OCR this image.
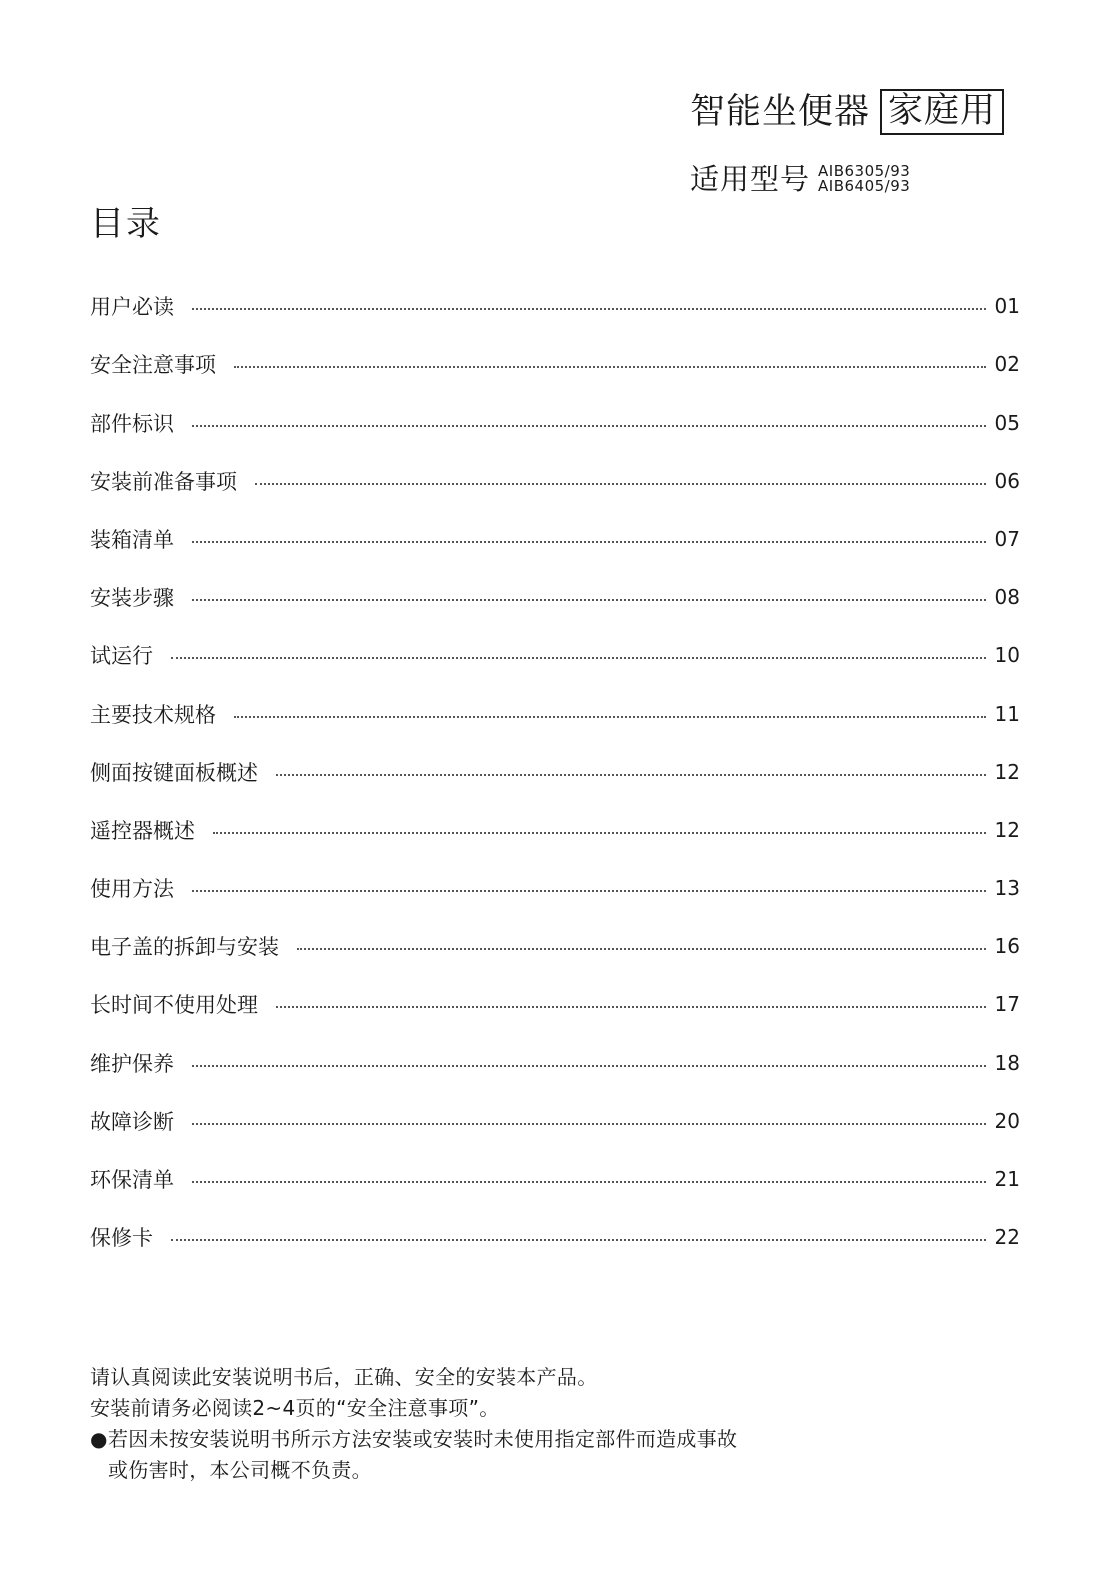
智能坐便器 家庭用
适用型号 AIB6305/93
AIB6405/93
目录
用户必读	01
安全注意事项	02
部件标识	05
安装前准备事项	06
装箱清单	07
安装步骤	08
试运行	10
主要技术规格	11
侧面按键面板概述	12
遥控器概述	12
使用方法	13
电子盖的拆卸与安装	16
长时间不使用处理	17
维护保养	18
故障诊断	20
环保清单	21
保修卡	22

请认真阅读此安装说明书后，正确、安全的安装本产品。

安装前请务必阅读2~4页的“安全注意事项”。

● 若因未按安装说明书所示方法安装或安装时未使用指定部件而造成事故

或伤害时，本公司概不负责。
